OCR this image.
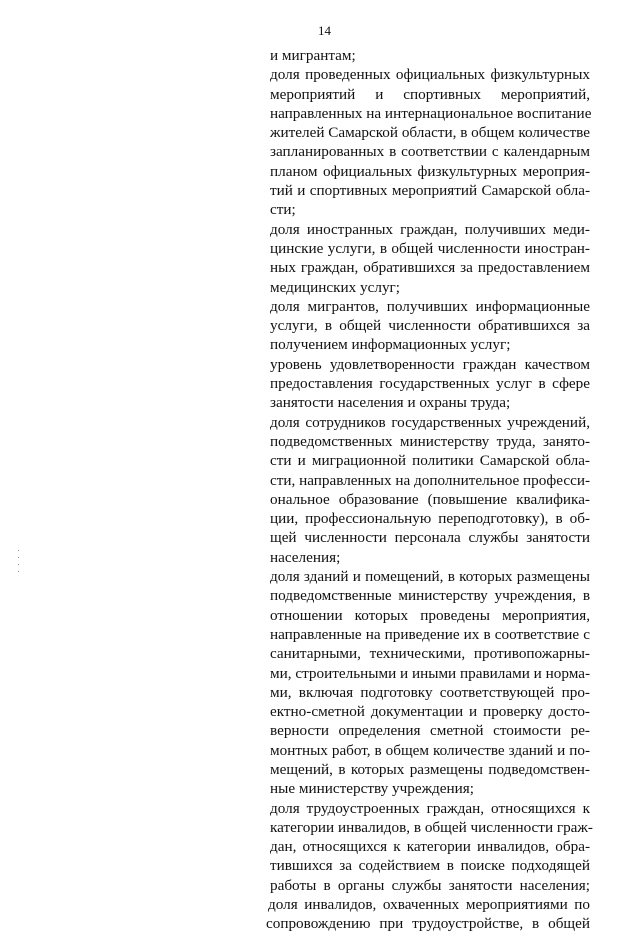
14
и мигрантам;
доля проведенных официальных физкультурных
мероприятий и спортивных мероприятий,
направленных на интернациональное воспитание
жителей Самарской области, в общем количестве
запланированных в соответствии с календарным
планом официальных физкультурных мероприя-
тий и спортивных мероприятий Самарской обла-
сти;
доля иностранных граждан, получивших меди-
цинские услуги, в общей численности иностран-
ных граждан, обратившихся за предоставлением
медицинских услуг;
доля мигрантов, получивших информационные
услуги, в общей численности обратившихся за
получением информационных услуг;
уровень удовлетворенности граждан качеством
предоставления государственных услуг в сфере
занятости населения и охраны труда;
доля сотрудников государственных учреждений,
подведомственных министерству труда, занято-
сти и миграционной политики Самарской обла-
сти, направленных на дополнительное професси-
ональное образование (повышение квалифика-
ции, профессиональную переподготовку), в об-
щей численности персонала службы занятости
населения;
доля зданий и помещений, в которых размещены
подведомственные министерству учреждения, в
отношении которых проведены мероприятия,
направленные на приведение их в соответствие с
санитарными, техническими, противопожарны-
ми, строительными и иными правилами и норма-
ми, включая подготовку соответствующей про-
ектно-сметной документации и проверку досто-
верности определения сметной стоимости ре-
монтных работ, в общем количестве зданий и по-
мещений, в которых размещены подведомствен-
ные министерству учреждения;
доля трудоустроенных граждан, относящихся к
категории инвалидов, в общей численности граж-
дан, относящихся к категории инвалидов, обра-
тившихся за содействием в поиске подходящей
работы в органы службы занятости населения;
доля инвалидов, охваченных мероприятиями по
сопровождению при трудоустройстве, в общей
